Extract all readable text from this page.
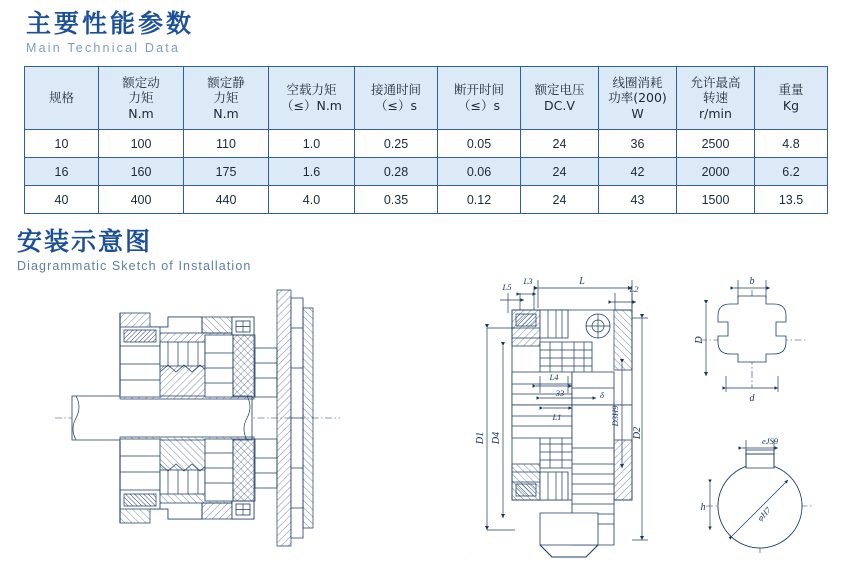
主要性能参数
Main Technical Data
规格	额定动
力矩
N.m	额定静
力矩
N.m	空载力矩
（≤）N.m	接通时间
（≤）s	断开时间
（≤）s	额定电压
DC.V	线圈消耗
功率(200)
W	允许最高
转速
r/min	重量
Kg

10	100	110	1.0	0.25	0.05	24	36	2500	4.8
16	160	175	1.6	0.28	0.06	24	42	2000	6.2
40	400	440	4.0	0.35	0.12	24	43	1500	13.5
安装示意图
Diagrammatic Sketch of Installation
L
L5
L3
L2
L4
33	δ
L1
D1 D4
D3H9
D2
b
D
d
eJS9
φH7
h
